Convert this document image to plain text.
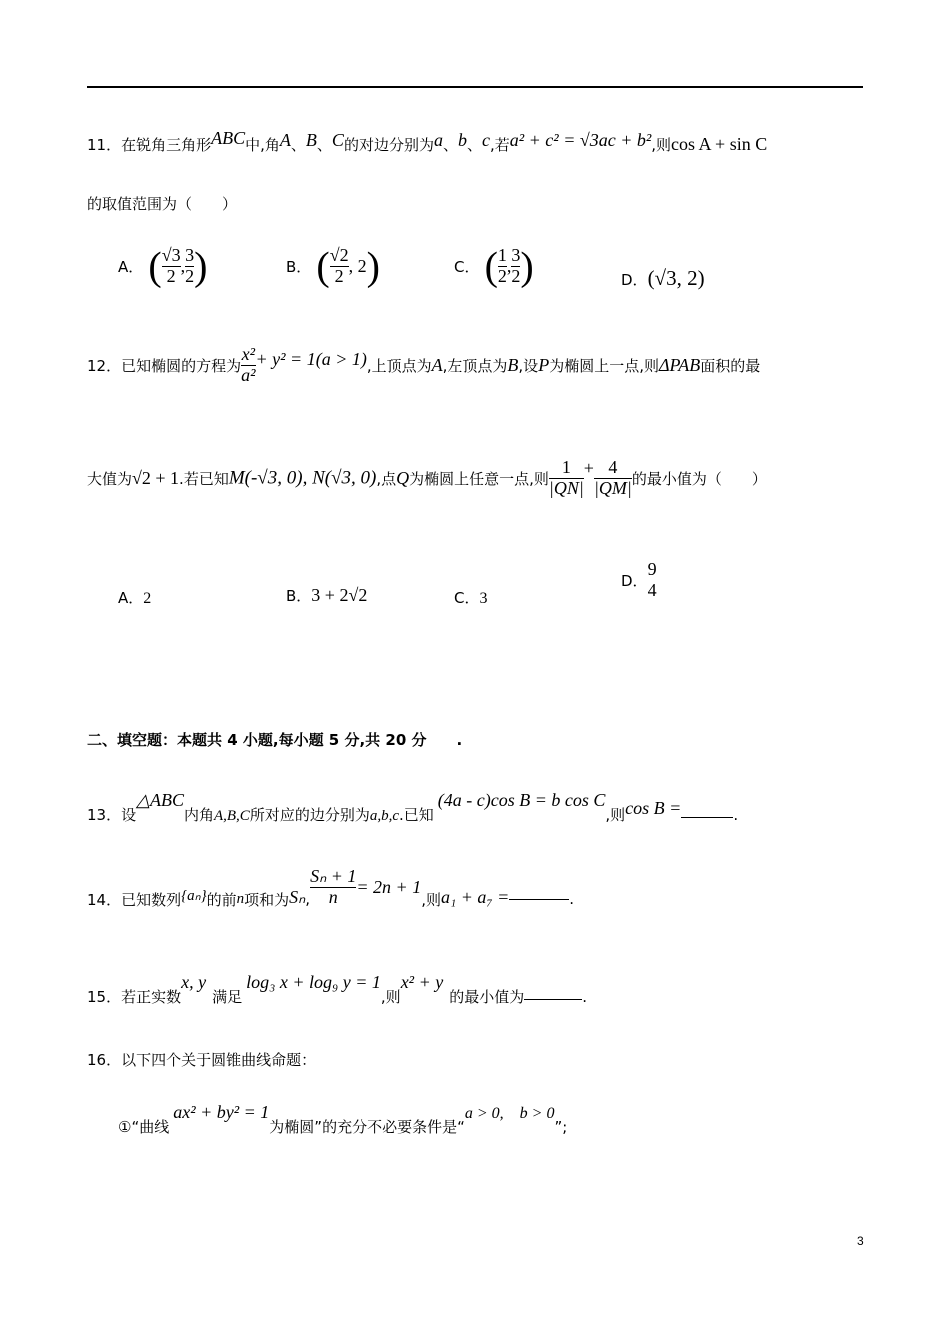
11．在锐角三角形ABC中,角A、B、C的对边分别为a、b、c,若a² + c² = √3ac + b²,则cos A + sin C
的取值范围为（　　）
A． ( $\frac{√3}{2}$ , $\frac{3}{2}$ )	B． ( $\frac{√2}{2}$ , 2)	C． ( $\frac{1}{2}$ , $\frac{3}{2}$ )	D．(√3, 2)
12．已知椭圆的方程为 $\frac{\text{x²}}{\text{a²}} + y^2 = 1(a > 1)$,上顶点为A,左顶点为B,设P为椭圆上一点,则ΔPAB面积的最
大值为√2 + 1.若已知M(-√3, 0), N(√3, 0),点Q为椭圆上任意一点,则 $\frac{1}{|QN|} + \frac{4}{|QM|}$ 的最小值为（　　）
A．2	B．3 + 2√2	C．3
D．
9
4
二、填空题：本题共 4 小题,每小题 5 分,共 20 分 .
13．设△ABC内角A,B,C所对应的边分别为a,b,c.已知(4a - c)cos B = b cos C,则cos B =	.
14．已知数列{aₙ}的前n项和为Sₙ, $\frac{\text{Sₙ + 1}}{n} = 2n + 1$,则a₁ + a₇ =	.
15．若正实数x, y满足log₃ x + log₉ y = 1,则x² + y的最小值为	.
16．以下四个关于圆锥曲线命题：
①“曲线ax² + by² = 1为椭圆”的充分不必要条件是“a > 0,　b > 0”;
3
